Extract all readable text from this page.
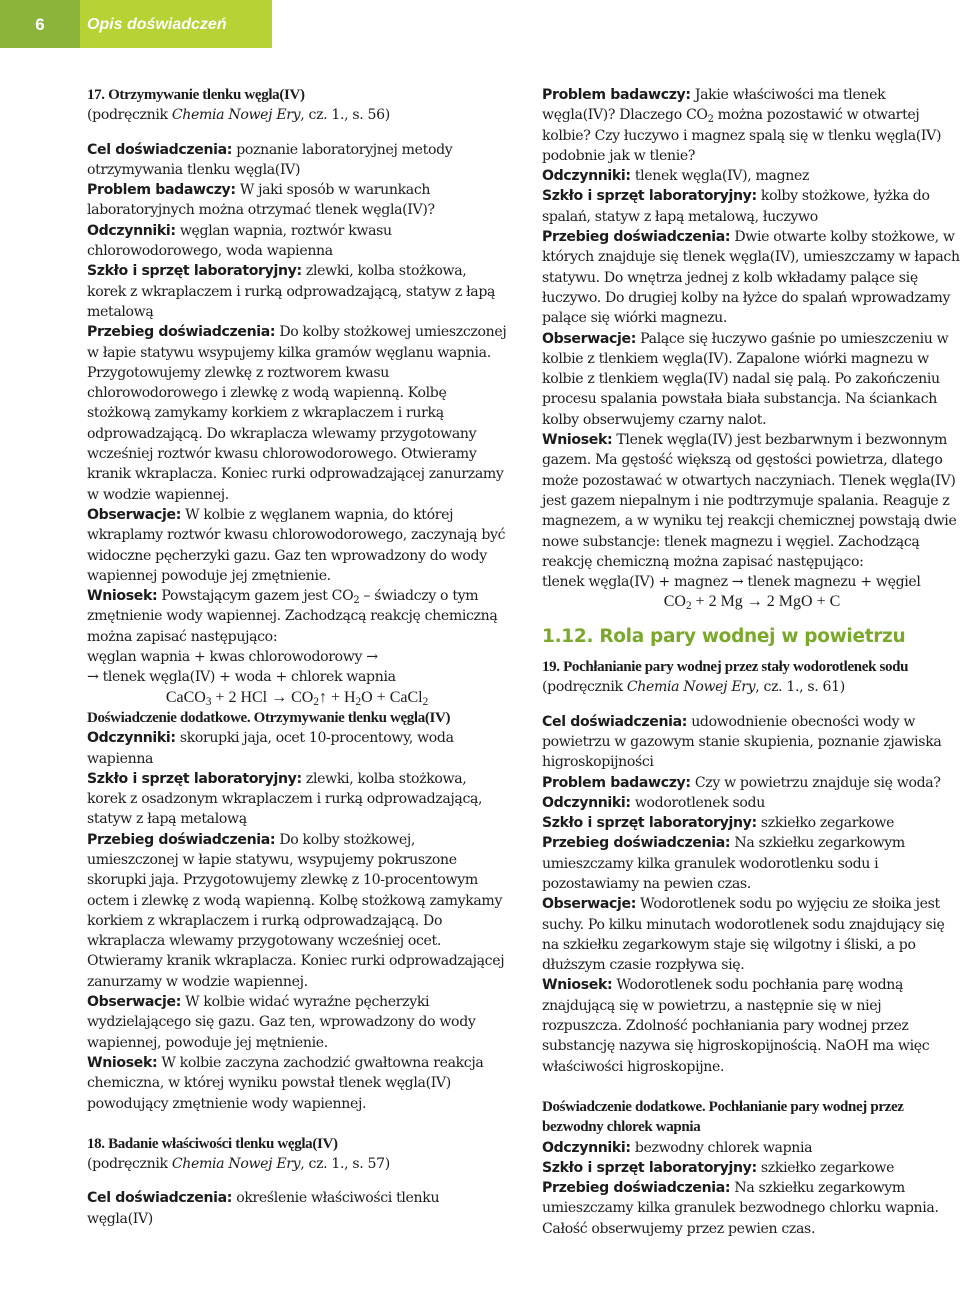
6	Opis doświadczeń

17. Otrzymywanie tlenku węgla(IV)

(podręcznik Chemia Nowej Ery, cz. 1., s. 56)

Cel doświadczenia: poznanie laboratoryjnej metody otrzymywania tlenku węgla(IV)

Problem badawczy: W jaki sposób w warunkach laboratoryjnych można otrzymać tlenek węgla(IV)?

Odczynniki: węglan wapnia, roztwór kwasu chlorowodorowego, woda wapienna

Szkło i sprzęt laboratoryjny: zlewki, kolba stożkowa, korek z wkraplaczem i rurką odprowadzającą, statyw z łapą metalową

Przebieg doświadczenia: Do kolby stożkowej umieszczonej w łapie statywu wsypujemy kilka gramów węglanu wapnia. Przygotowujemy zlewkę z roztworem kwasu chlorowodorowego i zlewkę z wodą wapienną. Kolbę stożkową zamykamy korkiem z wkraplaczem i rurką odprowadzającą. Do wkraplacza wlewamy przygotowany wcześniej roztwór kwasu chlorowodorowego. Otwieramy kranik wkraplacza. Koniec rurki odprowadzającej zanurzamy w wodzie wapiennej.

Obserwacje: W kolbie z węglanem wapnia, do której wkraplamy roztwór kwasu chlorowodorowego, zaczynają być widoczne pęcherzyki gazu. Gaz ten wprowadzony do wody wapiennej powoduje jej zmętnienie.

Wniosek: Powstającym gazem jest $CO_2$ – świadczy o tym zmętnienie wody wapiennej. Zachodzącą reakcję chemiczną można zapisać następująco:

węglan wapnia + kwas chlorowodorowy →

→ tlenek węgla(IV) + woda + chlorek wapnia

CaCO$_3$ + 2 HCl → $CO_2↑ + H_2O$ + CaCl$_2$

Doświadczenie dodatkowe. Otrzymywanie tlenku węgla(IV)

Odczynniki: skorupki jaja, ocet 10-procentowy, woda wapienna

Szkło i sprzęt laboratoryjny: zlewki, kolba stożkowa, korek z osadzonym wkraplaczem i rurką odprowadzającą, statyw z łapą metalową

Przebieg doświadczenia: Do kolby stożkowej, umieszczonej w łapie statywu, wsypujemy pokruszone skorupki jaja. Przygotowujemy zlewkę z 10-procentowym octem i zlewkę z wodą wapienną. Kolbę stożkową zamykamy korkiem z wkraplaczem i rurką odprowadzającą. Do wkraplacza wlewamy przygotowany wcześniej ocet. Otwieramy kranik wkraplacza. Koniec rurki odprowadzającej zanurzamy w wodzie wapiennej.

Obserwacje: W kolbie widać wyraźne pęcherzyki wydzielającego się gazu. Gaz ten, wprowadzony do wody wapiennej, powoduje jej mętnienie.

Wniosek: W kolbie zaczyna zachodzić gwałtowna reakcja chemiczna, w której wyniku powstał tlenek węgla(IV) powodujący zmętnienie wody wapiennej.

18. Badanie właściwości tlenku węgla(IV)

(podręcznik Chemia Nowej Ery, cz. 1., s. 57)

Cel doświadczenia: określenie właściwości tlenku węgla(IV)

Problem badawczy: Jakie właściwości ma tlenek węgla(IV)? Dlaczego $CO_2$ można pozostawić w otwartej kolbie? Czy łuczywo i magnez spalą się w tlenku węgla(IV) podobnie jak w tlenie?

Odczynniki: tlenek węgla(IV), magnez

Szkło i sprzęt laboratoryjny: kolby stożkowe, łyżka do spalań, statyw z łapą metalową, łuczywo

Przebieg doświadczenia: Dwie otwarte kolby stożkowe, w których znajduje się tlenek węgla(IV), umieszczamy w łapach statywu. Do wnętrza jednej z kolb wkładamy palące się łuczywo. Do drugiej kolby na łyżce do spalań wprowadzamy palące się wiórki magnezu.

Obserwacje: Palące się łuczywo gaśnie po umieszczeniu w kolbie z tlenkiem węgla(IV). Zapalone wiórki magnezu w kolbie z tlenkiem węgla(IV) nadal się palą. Po zakończeniu procesu spalania powstała biała substancja. Na ściankach kolby obserwujemy czarny nalot.

Wniosek: Tlenek węgla(IV) jest bezbarwnym i bezwonnym gazem. Ma gęstość większą od gęstości powietrza, dlatego może pozostawać w otwartych naczyniach. Tlenek węgla(IV) jest gazem niepalnym i nie podtrzymuje spalania. Reaguje z magnezem, a w wyniku tej reakcji chemicznej powstają dwie nowe substancje: tlenek magnezu i węgiel. Zachodzącą reakcję chemiczną można zapisać następująco:

tlenek węgla(IV) + magnez → tlenek magnezu + węgiel

$CO_2 + 2$ Mg → 2 MgO + C

1.12. Rola pary wodnej w powietrzu

19. Pochłanianie pary wodnej przez stały wodorotlenek sodu

(podręcznik Chemia Nowej Ery, cz. 1., s. 61)

Cel doświadczenia: udowodnienie obecności wody w powietrzu w gazowym stanie skupienia, poznanie zjawiska higroskopijności

Problem badawczy: Czy w powietrzu znajduje się woda?

Odczynniki: wodorotlenek sodu

Szkło i sprzęt laboratoryjny: szkiełko zegarkowe

Przebieg doświadczenia: Na szkiełku zegarkowym umieszczamy kilka granulek wodorotlenku sodu i pozostawiamy na pewien czas.

Obserwacje: Wodorotlenek sodu po wyjęciu ze słoika jest suchy. Po kilku minutach wodorotlenek sodu znajdujący się na szkiełku zegarkowym staje się wilgotny i śliski, a po dłuższym czasie rozpływa się.

Wniosek: Wodorotlenek sodu pochłania parę wodną znajdującą się w powietrzu, a następnie się w niej rozpuszcza. Zdolność pochłaniania pary wodnej przez substancję nazywa się higroskopijnością. NaOH ma więc właściwości higroskopijne.

Doświadczenie dodatkowe. Pochłanianie pary wodnej przez bezwodny chlorek wapnia

Odczynniki: bezwodny chlorek wapnia

Szkło i sprzęt laboratoryjny: szkiełko zegarkowe

Przebieg doświadczenia: Na szkiełku zegarkowym umieszczamy kilka granulek bezwodnego chlorku wapnia. Całość obserwujemy przez pewien czas.
